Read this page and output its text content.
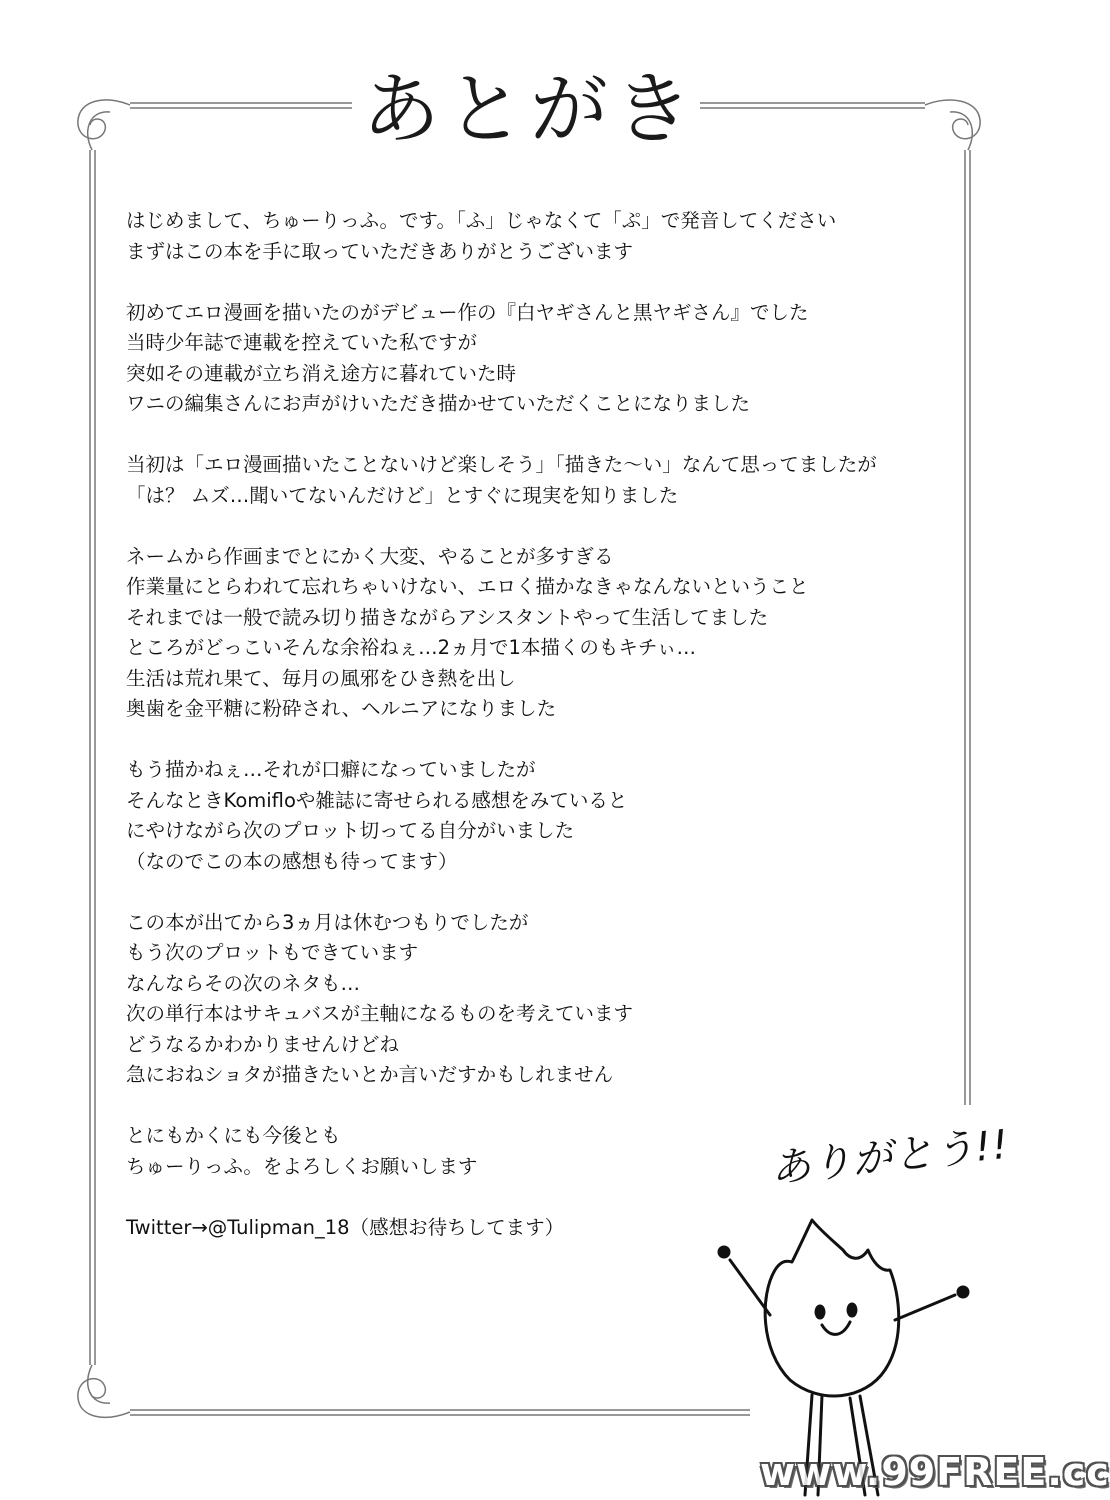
あとがき
はじめまして、ちゅーりっふ。です。「ふ」じゃなくて「ぷ」で発音してください
まずはこの本を手に取っていただきありがとうございます
初めてエロ漫画を描いたのがデビュー作の『白ヤギさんと黒ヤギさん』でした
当時少年誌で連載を控えていた私ですが
突如その連載が立ち消え途方に暮れていた時
ワニの編集さんにお声がけいただき描かせていただくことになりました
当初は「エロ漫画描いたことないけど楽しそう」「描きた〜い」なんて思ってましたが
「は？ ムズ…聞いてないんだけど」とすぐに現実を知りました
ネームから作画までとにかく大変、やることが多すぎる
作業量にとらわれて忘れちゃいけない、エロく描かなきゃなんないということ
それまでは一般で読み切り描きながらアシスタントやって生活してました
ところがどっこいそんな余裕ねぇ…2ヵ月で1本描くのもキチぃ…
生活は荒れ果て、毎月の風邪をひき熱を出し
奥歯を金平糖に粉砕され、ヘルニアになりました
もう描かねぇ…それが口癖になっていましたが
そんなときKomifloや雑誌に寄せられる感想をみていると
にやけながら次のプロット切ってる自分がいました
（なのでこの本の感想も待ってます）
この本が出てから3ヵ月は休むつもりでしたが
もう次のプロットもできています
なんならその次のネタも…
次の単行本はサキュバスが主軸になるものを考えています
どうなるかわかりませんけどね
急におねショタが描きたいとか言いだすかもしれません
とにもかくにも今後とも
ちゅーりっふ。をよろしくお願いします
Twitter→@Tulipman_18（感想お待ちしてます）
ありがとう!!
www.99FREE.cc
